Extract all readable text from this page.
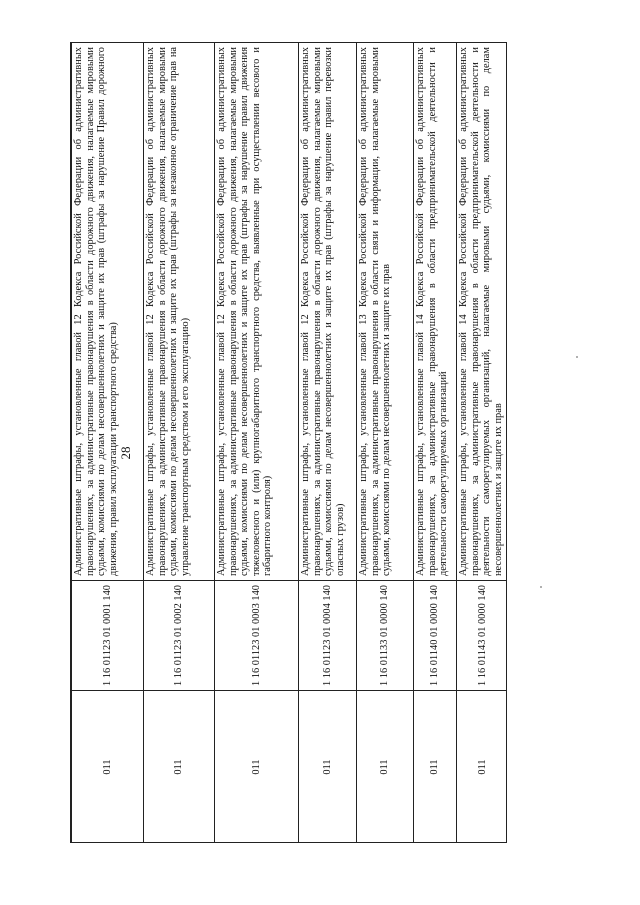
28
011	1 16 01123 01 0001 140	Административные штрафы, установленные главой 12 Кодекса Российской Федерации об административных правонарушениях, за административные правонарушения в области дорожного движения, налагаемые мировыми судьями, комиссиями по делам несовершеннолетних и защите их прав (штрафы за нарушение Правил дорожного движения, правил эксплуатации транспортного средства)
011	1 16 01123 01 0002 140	Административные штрафы, установленные главой 12 Кодекса Российской Федерации об административных правонарушениях, за административные правонарушения в области дорожного движения, налагаемые мировыми судьями, комиссиями по делам несовершеннолетних и защите их прав (штрафы за незаконное ограничение прав на управление транспортным средством и его эксплуатацию)
011	1 16 01123 01 0003 140	Административные штрафы, установленные главой 12 Кодекса Российской Федерации об административных правонарушениях, за административные правонарушения в области дорожного движения, налагаемые мировыми судьями, комиссиями по делам несовершеннолетних и защите их прав (штрафы за нарушение правил движения тяжеловесного и (или) крупногабаритного транспортного средства, выявленные при осуществлении весового и габаритного контроля)
011	1 16 01123 01 0004 140	Административные штрафы, установленные главой 12 Кодекса Российской Федерации об административных правонарушениях, за административные правонарушения в области дорожного движения, налагаемые мировыми судьями, комиссиями по делам несовершеннолетних и защите их прав (штрафы за нарушение правил перевозки опасных грузов)
011	1 16 01133 01 0000 140	Административные штрафы, установленные главой 13 Кодекса Российской Федерации об административных правонарушениях, за административные правонарушения в области связи и информации, налагаемые мировыми судьями, комиссиями по делам несовершеннолетних и защите их прав
011	1 16 01140 01 0000 140	Административные штрафы, установленные главой 14 Кодекса Российской Федерации об административных правонарушениях, за административные правонарушения в области предпринимательской деятельности и деятельности саморегулируемых организаций
011	1 16 01143 01 0000 140	Административные штрафы, установленные главой 14 Кодекса Российской Федерации об административных правонарушениях, за административные правонарушения в области предпринимательской деятельности и деятельности саморегулируемых организаций, налагаемые мировыми судьями, комиссиями по делам несовершеннолетних и защите их прав
